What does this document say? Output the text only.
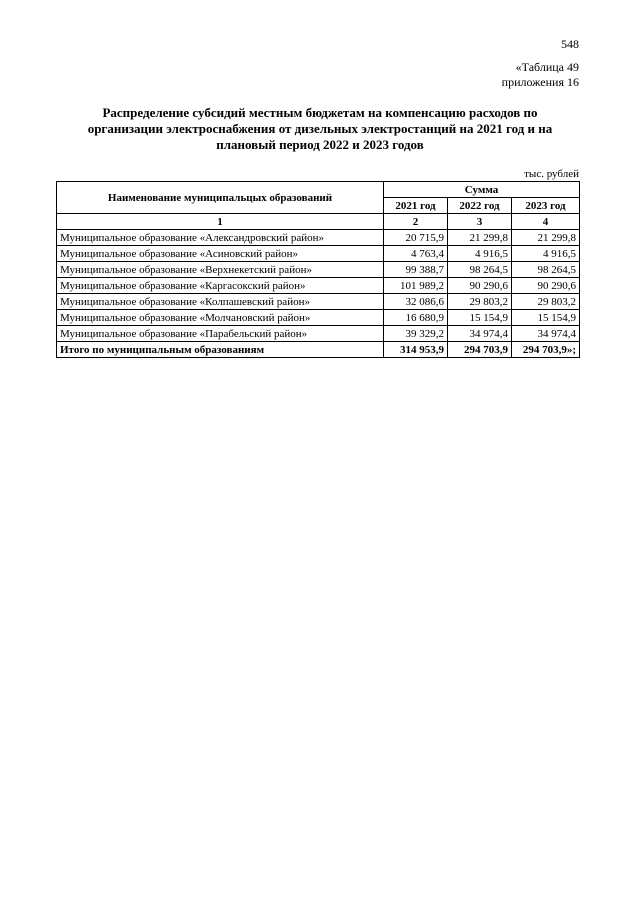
548
«Таблица 49
приложения 16
Распределение субсидий местным бюджетам на компенсацию расходов по организации электроснабжения от дизельных электростанций на 2021 год и на плановый период 2022 и 2023 годов
тыс. рублей
Наименование муниципальцых образований	Сумма		
	2021 год	2022 год	2023 год
1	2	3	4
Муниципальное образование «Александровский район»	20 715,9	21 299,8	21 299,8
Муниципальное образование «Асиновский район»	4 763,4	4 916,5	4 916,5
Муниципальное образование «Верхнекетский район»	99 388,7	98 264,5	98 264,5
Муниципальное образование «Каргасокский район»	101 989,2	90 290,6	90 290,6
Муниципальное образование «Колпашевский район»	32 086,6	29 803,2	29 803,2
Муниципальное образование «Молчановский район»	16 680,9	15 154,9	15 154,9
Муниципальное образование «Парабельский район»	39 329,2	34 974,4	34 974,4
Итого по муниципальным образованиям	314 953,9	294 703,9	294 703,9»;
